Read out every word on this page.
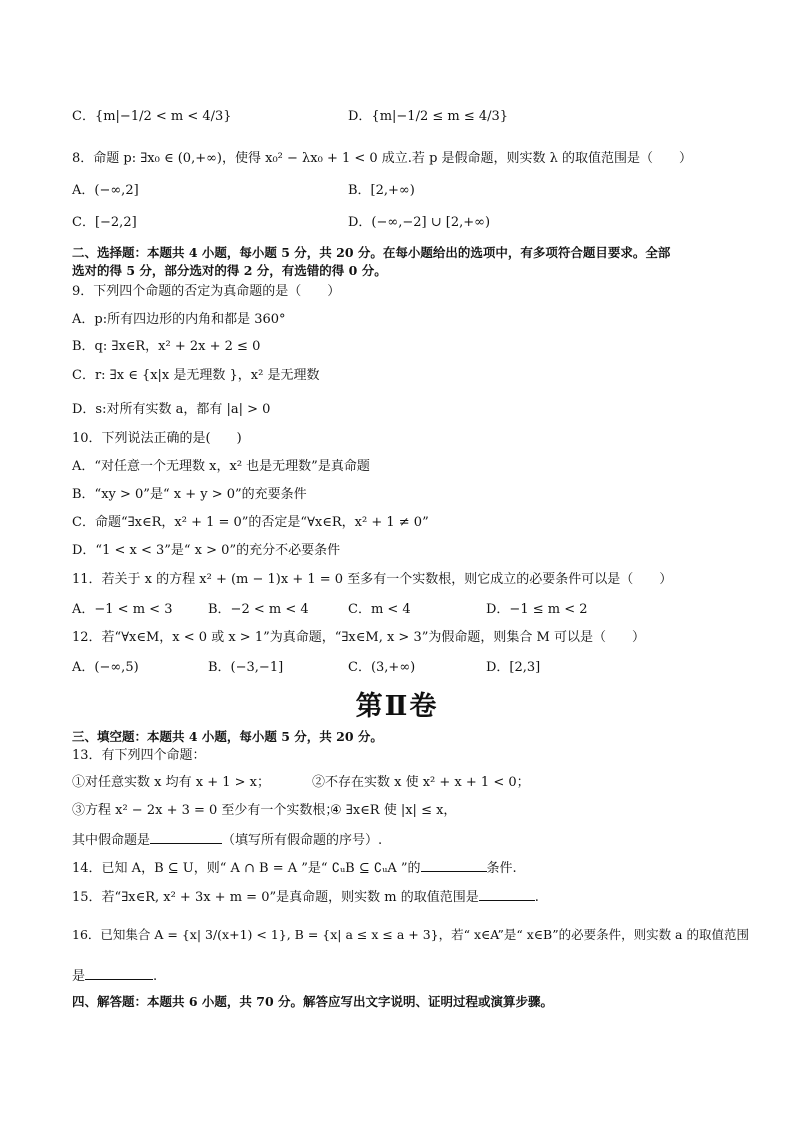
C．{m|−1/2 < m < 4/3}	D．{m|−1/2 ≤ m ≤ 4/3}
8．命题 p: ∃x₀ ∈ (0,+∞)，使得 x₀² − λx₀ + 1 < 0 成立.若 p 是假命题，则实数 λ 的取值范围是（　　）
A．(−∞,2]	B．[2,+∞)
C．[−2,2]	D．(−∞,−2] ∪ [2,+∞)
二、选择题：本题共 4 小题，每小题 5 分，共 20 分。在每小题给出的选项中，有多项符合题目要求。全部
选对的得 5 分，部分选对的得 2 分，有选错的得 0 分。
9．下列四个命题的否定为真命题的是（　　）
A．p:所有四边形的内角和都是 360°
B．q: ∃x∈R，x² + 2x + 2 ≤ 0
C．r: ∃x ∈ {x|x 是无理数 }，x² 是无理数
D．s:对所有实数 a，都有 |a| > 0
10．下列说法正确的是(　　)
A．“对任意一个无理数 x，x² 也是无理数”是真命题
B．“xy > 0”是“ x + y > 0”的充要条件
C．命题“∃x∈R，x² + 1 = 0”的否定是“∀x∈R，x² + 1 ≠ 0”
D．“1 < x < 3”是“ x > 0”的充分不必要条件
11．若关于 x 的方程 x² + (m − 1)x + 1 = 0 至多有一个实数根，则它成立的必要条件可以是（　　）
A．−1 < m < 3	B．−2 < m < 4	C．m < 4	D．−1 ≤ m < 2
12．若“∀x∈M，x < 0 或 x > 1”为真命题，“∃x∈M, x > 3”为假命题，则集合 M 可以是（　　）
A．(−∞,5)	B．(−3,−1]	C．(3,+∞)	D．[2,3]
第Ⅱ卷
三、填空题：本题共 4 小题，每小题 5 分，共 20 分。
13．有下列四个命题：
①对任意实数 x 均有 x + 1 > x；	②不存在实数 x 使 x² + x + 1 < 0；
③方程 x² − 2x + 3 = 0 至少有一个实数根；
④ ∃x∈R 使 |x| ≤ x，
其中假命题是	（填写所有假命题的序号）.
14．已知 A，B ⊆ U，则“ A ∩ B = A ”是“ ∁ᵤB ⊆ ∁ᵤA ”的	条件.
15．若“∃x∈R, x² + 3x + m = 0”是真命题，则实数 m 的取值范围是	.
16．已知集合 A = {x| 3/(x+1) < 1}, B = {x| a ≤ x ≤ a + 3}，若“ x∈A”是“ x∈B”的必要条件，则实数 a 的取值范围
是	.
四、解答题：本题共 6 小题，共 70 分。解答应写出文字说明、证明过程或演算步骤。
